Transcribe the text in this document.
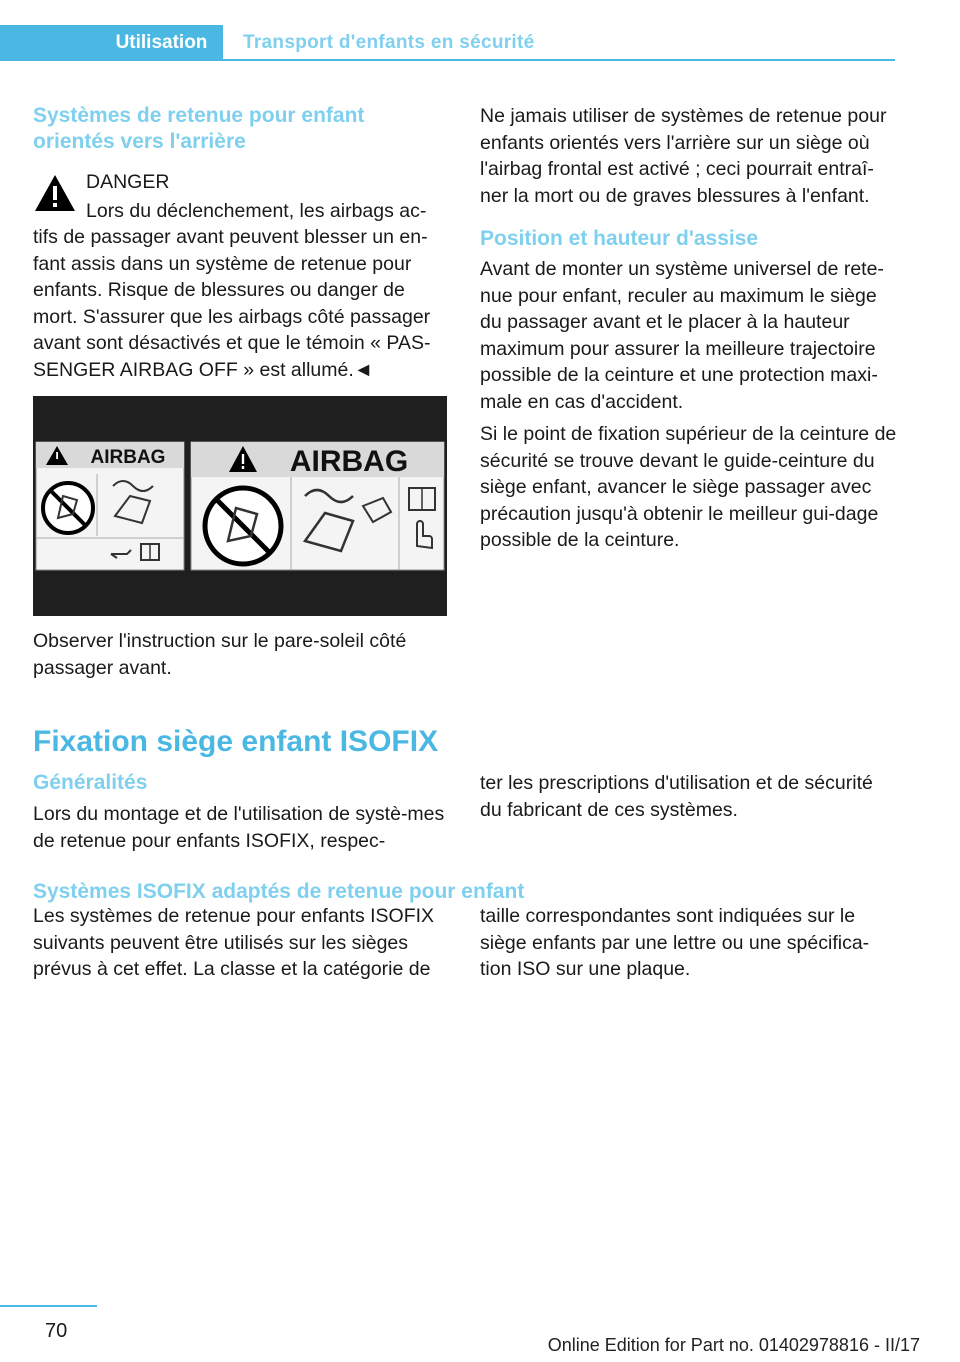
Utilisation	Transport d'enfants en sécurité
Systèmes de retenue pour enfant orientés vers l'arrière

DANGER

Lors du déclenchement, les airbags ac-

tifs de passager avant peuvent blesser un en-fant assis dans un système de retenue pour enfants. Risque de blessures ou danger de mort. S'assurer que les airbags côté passager avant sont désactivés et que le témoin « PAS-SENGER AIRBAG OFF » est allumé.◄

AIRBAG	AIRBAG

Observer l'instruction sur le pare-soleil côté passager avant.

Ne jamais utiliser de systèmes de retenue pour enfants orientés vers l'arrière sur un siège où l'airbag frontal est activé ; ceci pourrait entraî-ner la mort ou de graves blessures à l'enfant.

Position et hauteur d'assise

Avant de monter un système universel de rete-nue pour enfant, reculer au maximum le siège du passager avant et le placer à la hauteur maximum pour assurer la meilleure trajectoire possible de la ceinture et une protection maxi-male en cas d'accident.

Si le point de fixation supérieur de la ceinture de sécurité se trouve devant le guide-ceinture du siège enfant, avancer le siège passager avec précaution jusqu'à obtenir le meilleur gui-dage possible de la ceinture.

Fixation siège enfant ISOFIX
Généralités

Lors du montage et de l'utilisation de systè-mes de retenue pour enfants ISOFIX, respec-

ter les prescriptions d'utilisation et de sécurité du fabricant de ces systèmes.

Systèmes ISOFIX adaptés de retenue pour enfant

Les systèmes de retenue pour enfants ISOFIX suivants peuvent être utilisés sur les sièges prévus à cet effet. La classe et la catégorie de

taille correspondantes sont indiquées sur le siège enfants par une lettre ou une spécifica-tion ISO sur une plaque.

70
Online Edition for Part no. 01402978816 - II/17
